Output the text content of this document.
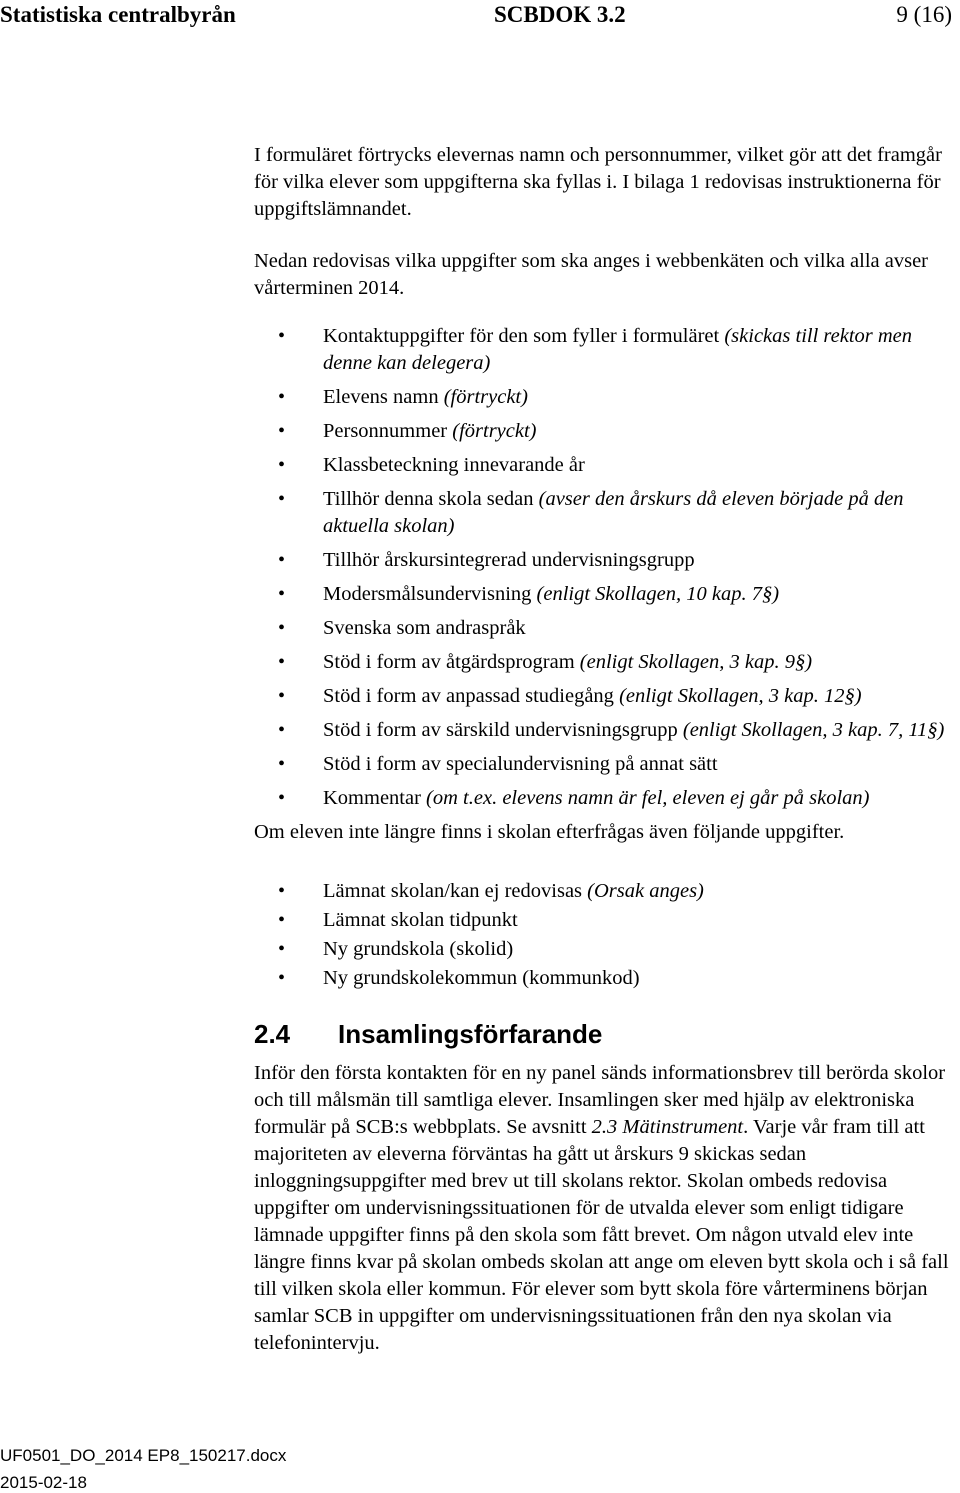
Statistiska centralbyrån	SCBDOK 3.2	9 (16)

I formuläret förtrycks elevernas namn och personnummer, vilket gör att det framgår för vilka elever som uppgifterna ska fyllas i. I bilaga 1 redovisas instruktionerna för uppgiftslämnandet.

Nedan redovisas vilka uppgifter som ska anges i webbenkäten och vilka alla avser vårterminen 2014.

• Kontaktuppgifter för den som fyller i formuläret (skickas till rektor men denne kan delegera)
• Elevens namn (förtryckt)
• Personnummer (förtryckt)
• Klassbeteckning innevarande år
• Tillhör denna skola sedan (avser den årskurs då eleven började på den aktuella skolan)
• Tillhör årskursintegrerad undervisningsgrupp
• Modersmålsundervisning (enligt Skollagen, 10 kap. 7§)
• Svenska som andraspråk
• Stöd i form av åtgärdsprogram (enligt Skollagen, 3 kap. 9§)
• Stöd i form av anpassad studiegång (enligt Skollagen, 3 kap. 12§)
• Stöd i form av särskild undervisningsgrupp (enligt Skollagen, 3 kap. 7, 11§)
• Stöd i form av specialundervisning på annat sätt
• Kommentar (om t.ex. elevens namn är fel, eleven ej går på skolan)

Om eleven inte längre finns i skolan efterfrågas även följande uppgifter.

• Lämnat skolan/kan ej redovisas (Orsak anges)
• Lämnat skolan tidpunkt
• Ny grundskola (skolid)
• Ny grundskolekommun (kommunkod)
2.4 Insamlingsförfarande

Inför den första kontakten för en ny panel sänds informationsbrev till berörda skolor och till målsmän till samtliga elever. Insamlingen sker med hjälp av elektroniska formulär på SCB:s webbplats. Se avsnitt 2.3 Mätinstrument. Varje vår fram till att majoriteten av eleverna förväntas ha gått ut årskurs 9 skickas sedan inloggningsuppgifter med brev ut till skolans rektor. Skolan ombeds redovisa uppgifter om undervisningssituationen för de utvalda elever som enligt tidigare lämnade uppgifter finns på den skola som fått brevet. Om någon utvald elev inte längre finns kvar på skolan ombeds skolan att ange om eleven bytt skola och i så fall till vilken skola eller kommun. För elever som bytt skola före vårterminens början samlar SCB in uppgifter om undervisningssituationen från den nya skolan via telefonintervju.

UF0501_DO_2014 EP8_150217.docx
2015-02-18
